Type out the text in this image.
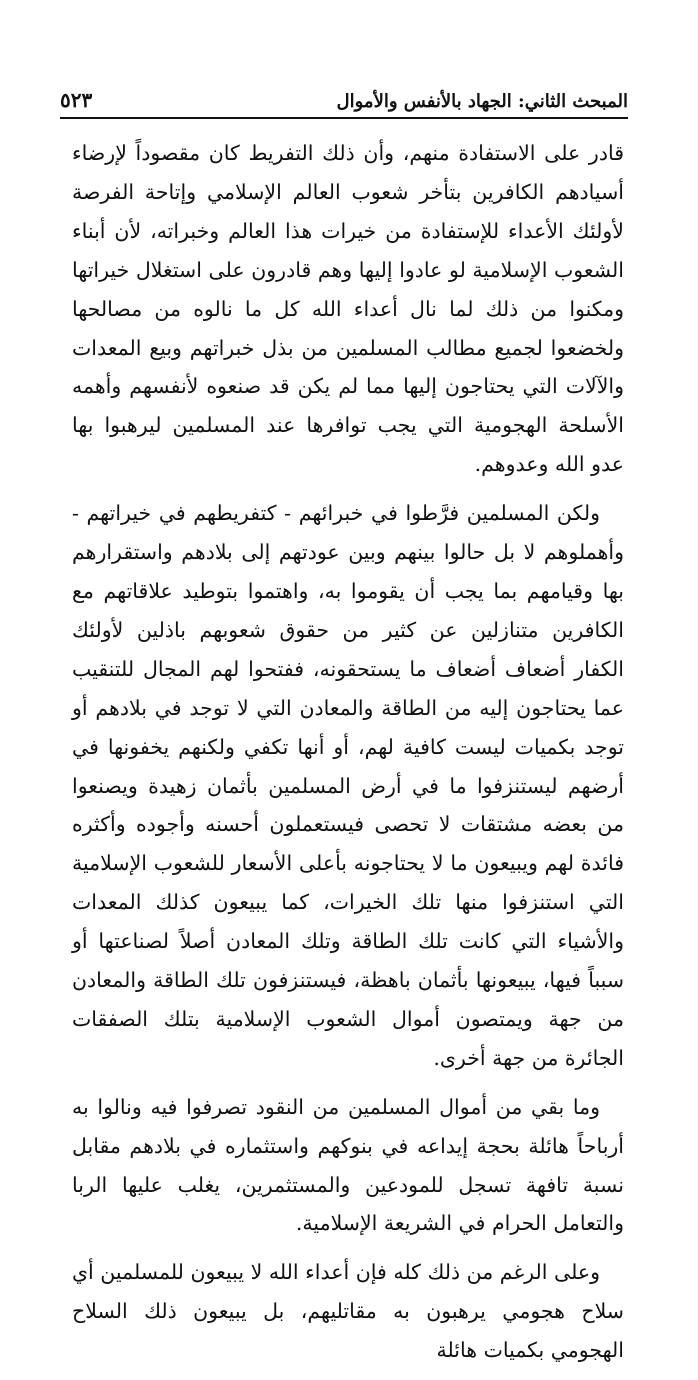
المبحث الثاني: الجهاد بالأنفس والأموال
٥٢٣

قادر على الاستفادة منهم، وأن ذلك التفريط كان مقصوداً لإرضاء أسيادهم الكافرين بتأخر شعوب العالم الإسلامي وإتاحة الفرصة لأولئك الأعداء للإستفادة من خيرات هذا العالم وخبراته، لأن أبناء الشعوب الإسلامية لو عادوا إليها وهم قادرون على استغلال خيراتها ومكنوا من ذلك لما نال أعداء الله كل ما نالوه من مصالحها ولخضعوا لجميع مطالب المسلمين من بذل خبراتهم وبيع المعدات والآلات التي يحتاجون إليها مما لم يكن قد صنعوه لأنفسهم وأهمه الأسلحة الهجومية التي يجب توافرها عند المسلمين ليرهبوا بها عدو الله وعدوهم.

ولكن المسلمين فرَّطوا في خبرائهم - كتفريطهم في خيراتهم - وأهملوهم لا بل حالوا بينهم وبين عودتهم إلى بلادهم واستقرارهم بها وقيامهم بما يجب أن يقوموا به، واهتموا بتوطيد علاقاتهم مع الكافرين متنازلين عن كثير من حقوق شعوبهم باذلين لأولئك الكفار أضعاف أضعاف ما يستحقونه، ففتحوا لهم المجال للتنقيب عما يحتاجون إليه من الطاقة والمعادن التي لا توجد في بلادهم أو توجد بكميات ليست كافية لهم، أو أنها تكفي ولكنهم يخفونها في أرضهم ليستنزفوا ما في أرض المسلمين بأثمان زهيدة ويصنعوا من بعضه مشتقات لا تحصى فيستعملون أحسنه وأجوده وأكثره فائدة لهم ويبيعون ما لا يحتاجونه بأعلى الأسعار للشعوب الإسلامية التي استنزفوا منها تلك الخيرات، كما يبيعون كذلك المعدات والأشياء التي كانت تلك الطاقة وتلك المعادن أصلاً لصناعتها أو سبباً فيها، يبيعونها بأثمان باهظة، فيستنزفون تلك الطاقة والمعادن من جهة ويمتصون أموال الشعوب الإسلامية بتلك الصفقات الجائرة من جهة أخرى.

وما بقي من أموال المسلمين من النقود تصرفوا فيه ونالوا به أرباحاً هائلة بحجة إيداعه في بنوكهم واستثماره في بلادهم مقابل نسبة تافهة تسجل للمودعين والمستثمرين، يغلب عليها الربا والتعامل الحرام في الشريعة الإسلامية.

وعلى الرغم من ذلك كله فإن أعداء الله لا يبيعون للمسلمين أي سلاح هجومي يرهبون به مقاتليهم، بل يبيعون ذلك السلاح الهجومي بكميات هائلة
